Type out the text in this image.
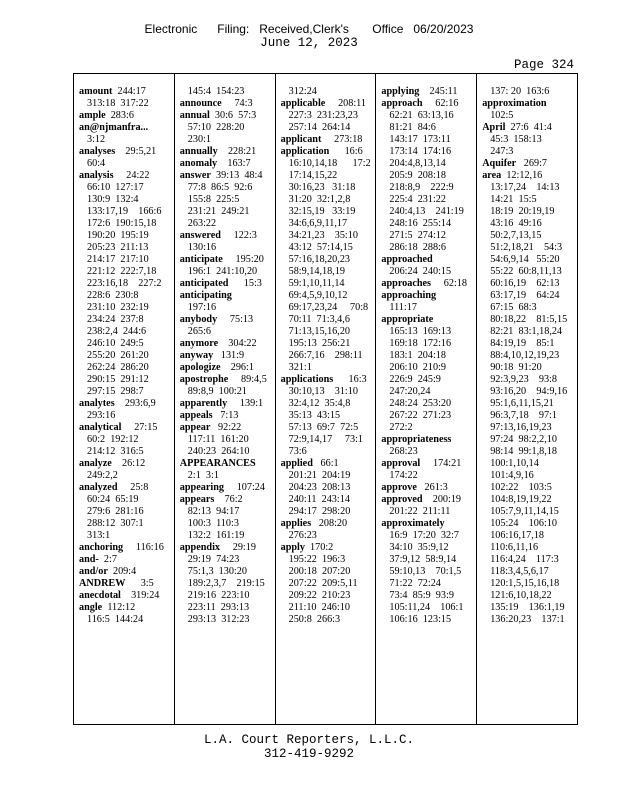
Electronic      Filing:   Received,Clerk's       Office   06/20/2023
June 12, 2023
Page 324
amount  244:17
313:18  317:22
ample  283:6
an@njmanfra...
3:12
analyses    29:5,21
60:4
analysis     24:22
66:10  127:17
130:9  132:4
133:17,19    166:6
172:6  190:15,18
190:20  195:19
205:23  211:13
214:17  217:10
221:12  222:7,18
223:16,18    227:2
228:6  230:8
231:10  232:19
234:24  237:8
238:2,4  244:6
246:10  249:5
255:20  261:20
262:24  286:20
290:15  291:12
297:15  298:7
analytes    293:6,9
293:16
analytical     27:15
60:2  192:12
214:12  316:5
analyze    26:12
249:2,2
analyzed     25:8
60:24  65:19
279:6  281:16
288:12  307:1
313:1
anchoring     116:16
and-  2:7
and/or  209:4
ANDREW      3:5
anecdotal    319:24
angle  112:12
116:5  144:24
145:4  154:23
announce     74:3
annual  30:6  57:3
57:10  228:20
230:1
annually    228:21
anomaly    163:7
answer  39:13  48:4
77:8  86:5  92:6
155:8  225:5
231:21  249:21
263:22
answered     122:3
130:16
anticipate     195:20
196:1  241:10,20
anticipated      15:3
anticipating
197:16
anybody     75:13
265:6
anymore    304:22
anyway   131:9
apologize    296:1
apostrophe     89:4,5
89:8,9  100:21
apparently     139:1
appeals   7:13
appear   92:22
117:11  161:20
240:23  264:10
APPEARANCES
2:1  3:1
appearing     107:24
appears    76:2
82:13  94:17
100:3  110:3
132:2  161:19
appendix     29:19
29:19  74:23
75:1,3  130:20
189:2,3,7    219:15
219:16  223:10
223:11  293:13
293:13  312:23
312:24
applicable     208:11
227:3  231:23,23
257:14  264:14
applicant     273:18
application      16:6
16:10,14,18      17:2
17:14,15,22
30:16,23   31:18
31:20  32:1,2,8
32:15,19   33:19
34:6,6,9,11,17
34:21,23    35:10
43:12  57:14,15
57:16,18,20,23
58:9,14,18,19
59:1,10,11,14
69:4,5,9,10,12
69:17,23,24     70:8
70:11  71:3,4,6
71:13,15,16,20
195:13  256:21
266:7,16    298:11
321:1
applications      16:3
30:10,13    31:10
32:4,12  35:4,8
35:13  43:15
57:13  69:7  72:5
72:9,14,17     73:1
73:6
applied   66:1
201:21  204:19
204:23  208:13
240:11  243:14
294:17  298:20
applies   208:20
276:23
apply  170:2
195:22  196:3
200:18  207:20
207:22  209:5,11
209:22  210:23
211:10  246:10
250:8  266:3
applying    245:11
approach     62:16
62:21  63:13,16
81:21  84:6
143:17  173:11
173:14  174:16
204:4,8,13,14
205:9  208:18
218:8,9    222:9
225:4  231:22
240:4,13    241:19
248:16  255:14
271:5  274:12
286:18  288:6
approached
206:24  240:15
approaches     62:18
approaching
111:17
appropriate
165:13  169:13
169:18  172:16
183:1  204:18
206:10  210:9
226:9  245:9
247:20,24
248:24  253:20
267:22  271:23
272:2
appropriateness
268:23
approval     174:21
174:22
approve   261:3
approved    200:19
201:22  211:11
approximately
16:9  17:20  32:7
34:10  35:9,12
37:9,12  58:9,14
59:10,13    70:1,5
71:22  72:24
73:4  85:9  93:9
105:11,24    106:1
106:16  123:15
137: 20  163:6
approximation
102:5
April  27:6  41:4
45:3  158:13
247:3
Aquifer   269:7
area  12:12,16
13:17,24    14:13
14:21  15:5
18:19  20:19,19
43:16  49:16
50:2,7,13,15
51:2,18,21    54:3
54:6,9,14   55:20
55:22  60:8,11,13
60:16,19    62:13
63:17,19    64:24
67:15  68:3
80:18,22    81:5,15
82:21  83:1,18,24
84:19,19    85:1
88:4,10,12,19,23
90:18  91:20
92:3,9,23    93:8
93:16,20    94:9,16
95:1,6,11,15,21
96:3,7,18    97:1
97:13,16,19,23
97:24  98:2,2,10
98:14  99:1,8,18
100:1,10,14
101:4,9,16
102:22    103:5
104:8,19,19,22
105:7,9,11,14,15
105:24    106:10
106:16,17,18
110:6,11,16
116:4,24    117:3
118:3,4,5,6,17
120:1,5,15,16,18
121:6,10,18,22
135:19    136:1,19
136:20,23    137:1
L.A. Court Reporters, L.L.C.
312-419-9292
